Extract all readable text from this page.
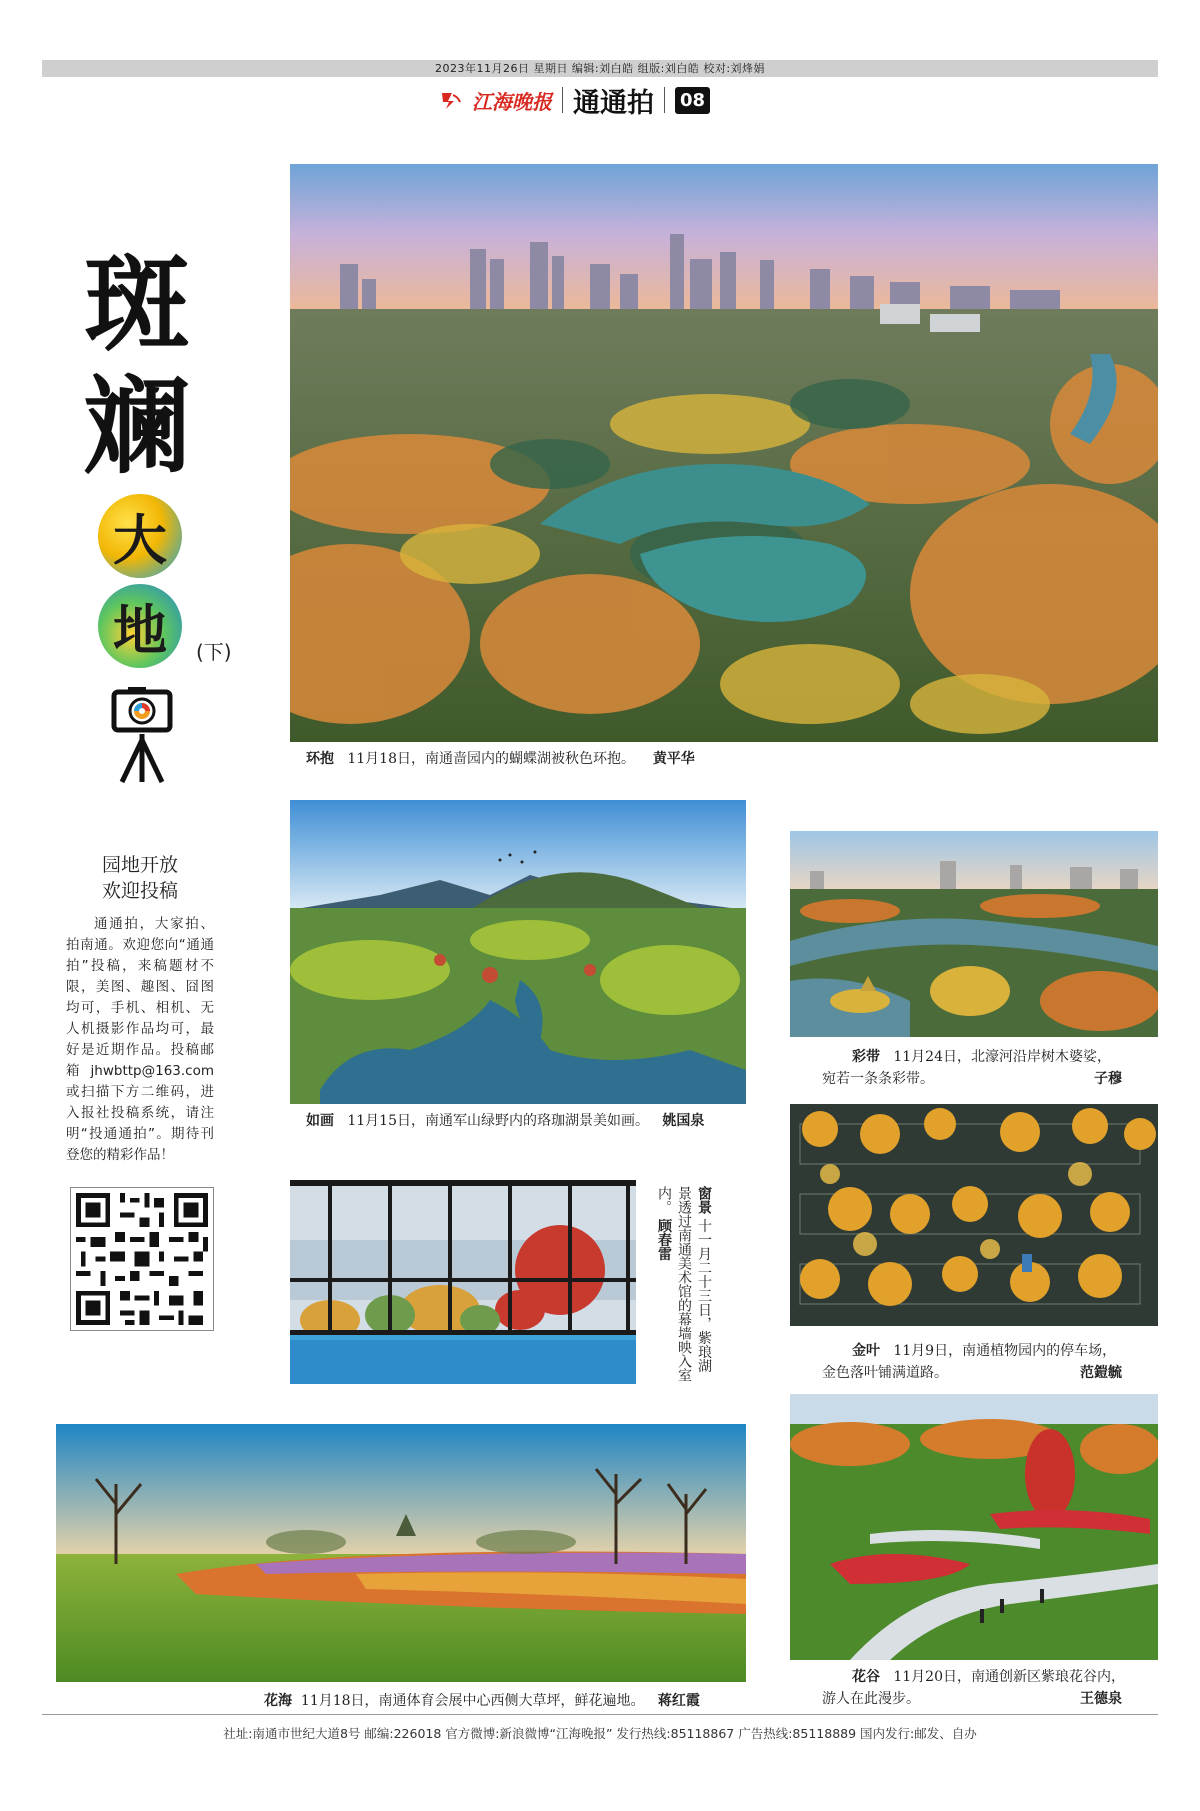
2023年11月26日 星期日 编辑:刘白皓 组版:刘白皓 校对:刘烽娟
江海晚报 通通拍 08
斑
斓
大
地	(下)
园地开放
欢迎投稿
通通拍，大家拍、拍南通。欢迎您向“通通拍”投稿，来稿题材不限，美图、趣图、囧图均可，手机、相机、无人机摄影作品均可，最好是近期作品。投稿邮箱jhwbttp@163.com或扫描下方二维码，进入报社投稿系统，请注明“投通通拍”。期待刊登您的精彩作品！
环抱 11月18日，南通啬园内的蝴蝶湖被秋色环抱。 黄平华
如画 11月15日，南通军山绿野内的珞珈湖景美如画。 姚国泉
彩带 11月24日，北濠河沿岸树木婆娑，
宛若一条条彩带。	子穆
窗景 十一月二十三日，紫琅湖景透过南通美术馆的幕墙映入室内。 顾春雷
金叶 11月9日，南通植物园内的停车场，
金色落叶铺满道路。	范鎧毓
花海 11月18日，南通体育会展中心西侧大草坪，鲜花遍地。 蒋红霞
花谷 11月20日，南通创新区紫琅花谷内，
游人在此漫步。	王德泉
社址:南通市世纪大道8号 邮编:226018 官方微博:新浪微博“江海晚报” 发行热线:85118867 广告热线:85118889 国内发行:邮发、自办
